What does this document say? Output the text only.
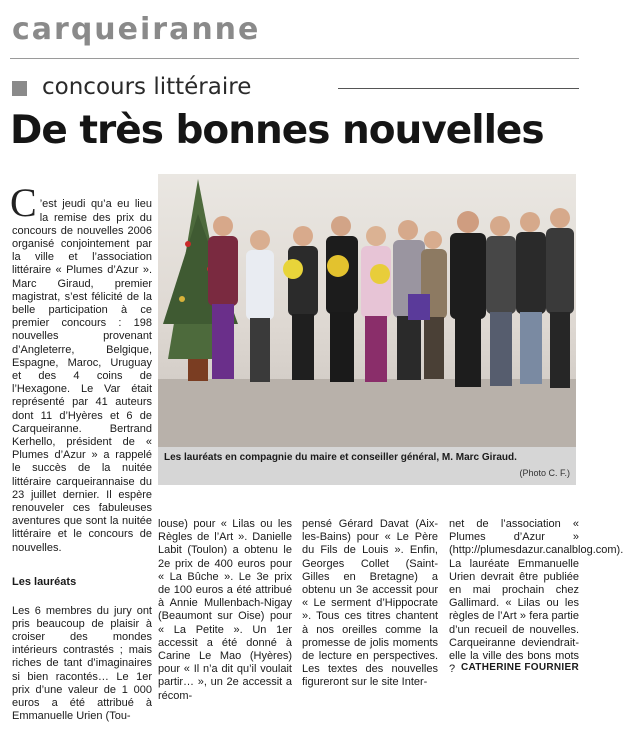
carqueiranne
concours littéraire
De très bonnes nouvelles

C ’est jeudi qu’a eu lieu la remise des prix du concours de nouvelles 2006 organisé conjointement par la ville et l’association littéraire « Plumes d’Azur ». Marc Giraud, premier magistrat, s’est félicité de la belle participation à ce premier concours : 198 nouvelles provenant d’Angleterre, Belgique, Espagne, Maroc, Uruguay et des 4 coins de l’Hexagone. Le Var était représenté par 41 auteurs dont 11 d’Hyères et 6 de Carqueiranne. Bertrand Kerhello, président de « Plumes d’Azur » a rappelé le succès de la nuitée littéraire carqueirannaise du 23 juillet dernier. Il espère renouveler ces fabuleuses aventures que sont la nuitée littéraire et le concours de nouvelles.

Les lauréats

Les 6 membres du jury ont pris beaucoup de plaisir à croiser des mondes intérieurs contrastés ; mais riches de tant d’imaginaires si bien racontés… Le 1er prix d’une valeur de 1 000 euros a été attribué à Emmanuelle Urien (Tou-

Les lauréats en compagnie du maire et conseiller général, M. Marc Giraud.
(Photo C. F.)
louse) pour « Lilas ou les Règles de l’Art ». Danielle Labit (Toulon) a obtenu le 2e prix de 400 euros pour « La Bûche ». Le 3e prix de 100 euros a été attribué à Annie Mullenbach-Nigay (Beaumont sur Oise) pour « La Petite ». Un 1er accessit a été donné à Carine Le Mao (Hyères) pour « Il n’a dit qu’il voulait partir… », un 2e accessit a récom-
pensé Gérard Davat (Aix-les-Bains) pour « Le Père du Fils de Louis ». Enfin, Georges Collet (Saint-Gilles en Bretagne) a obtenu un 3e accessit pour « Le serment d’Hippocrate ». Tous ces titres chantent à nos oreilles comme la promesse de jolis moments de lecture en perspectives. Les textes des nouvelles figureront sur le site Inter-
net de l’association « Plumes d’Azur » (http://plumesdazur.canalblog.com). La lauréate Emmanuelle Urien devrait être publiée en mai prochain chez Gallimard. « Lilas ou les règles de l’Art » fera partie d’un recueil de nouvelles. Carqueiranne deviendrait-elle la ville des bons mots ? CATHERINE FOURNIER
